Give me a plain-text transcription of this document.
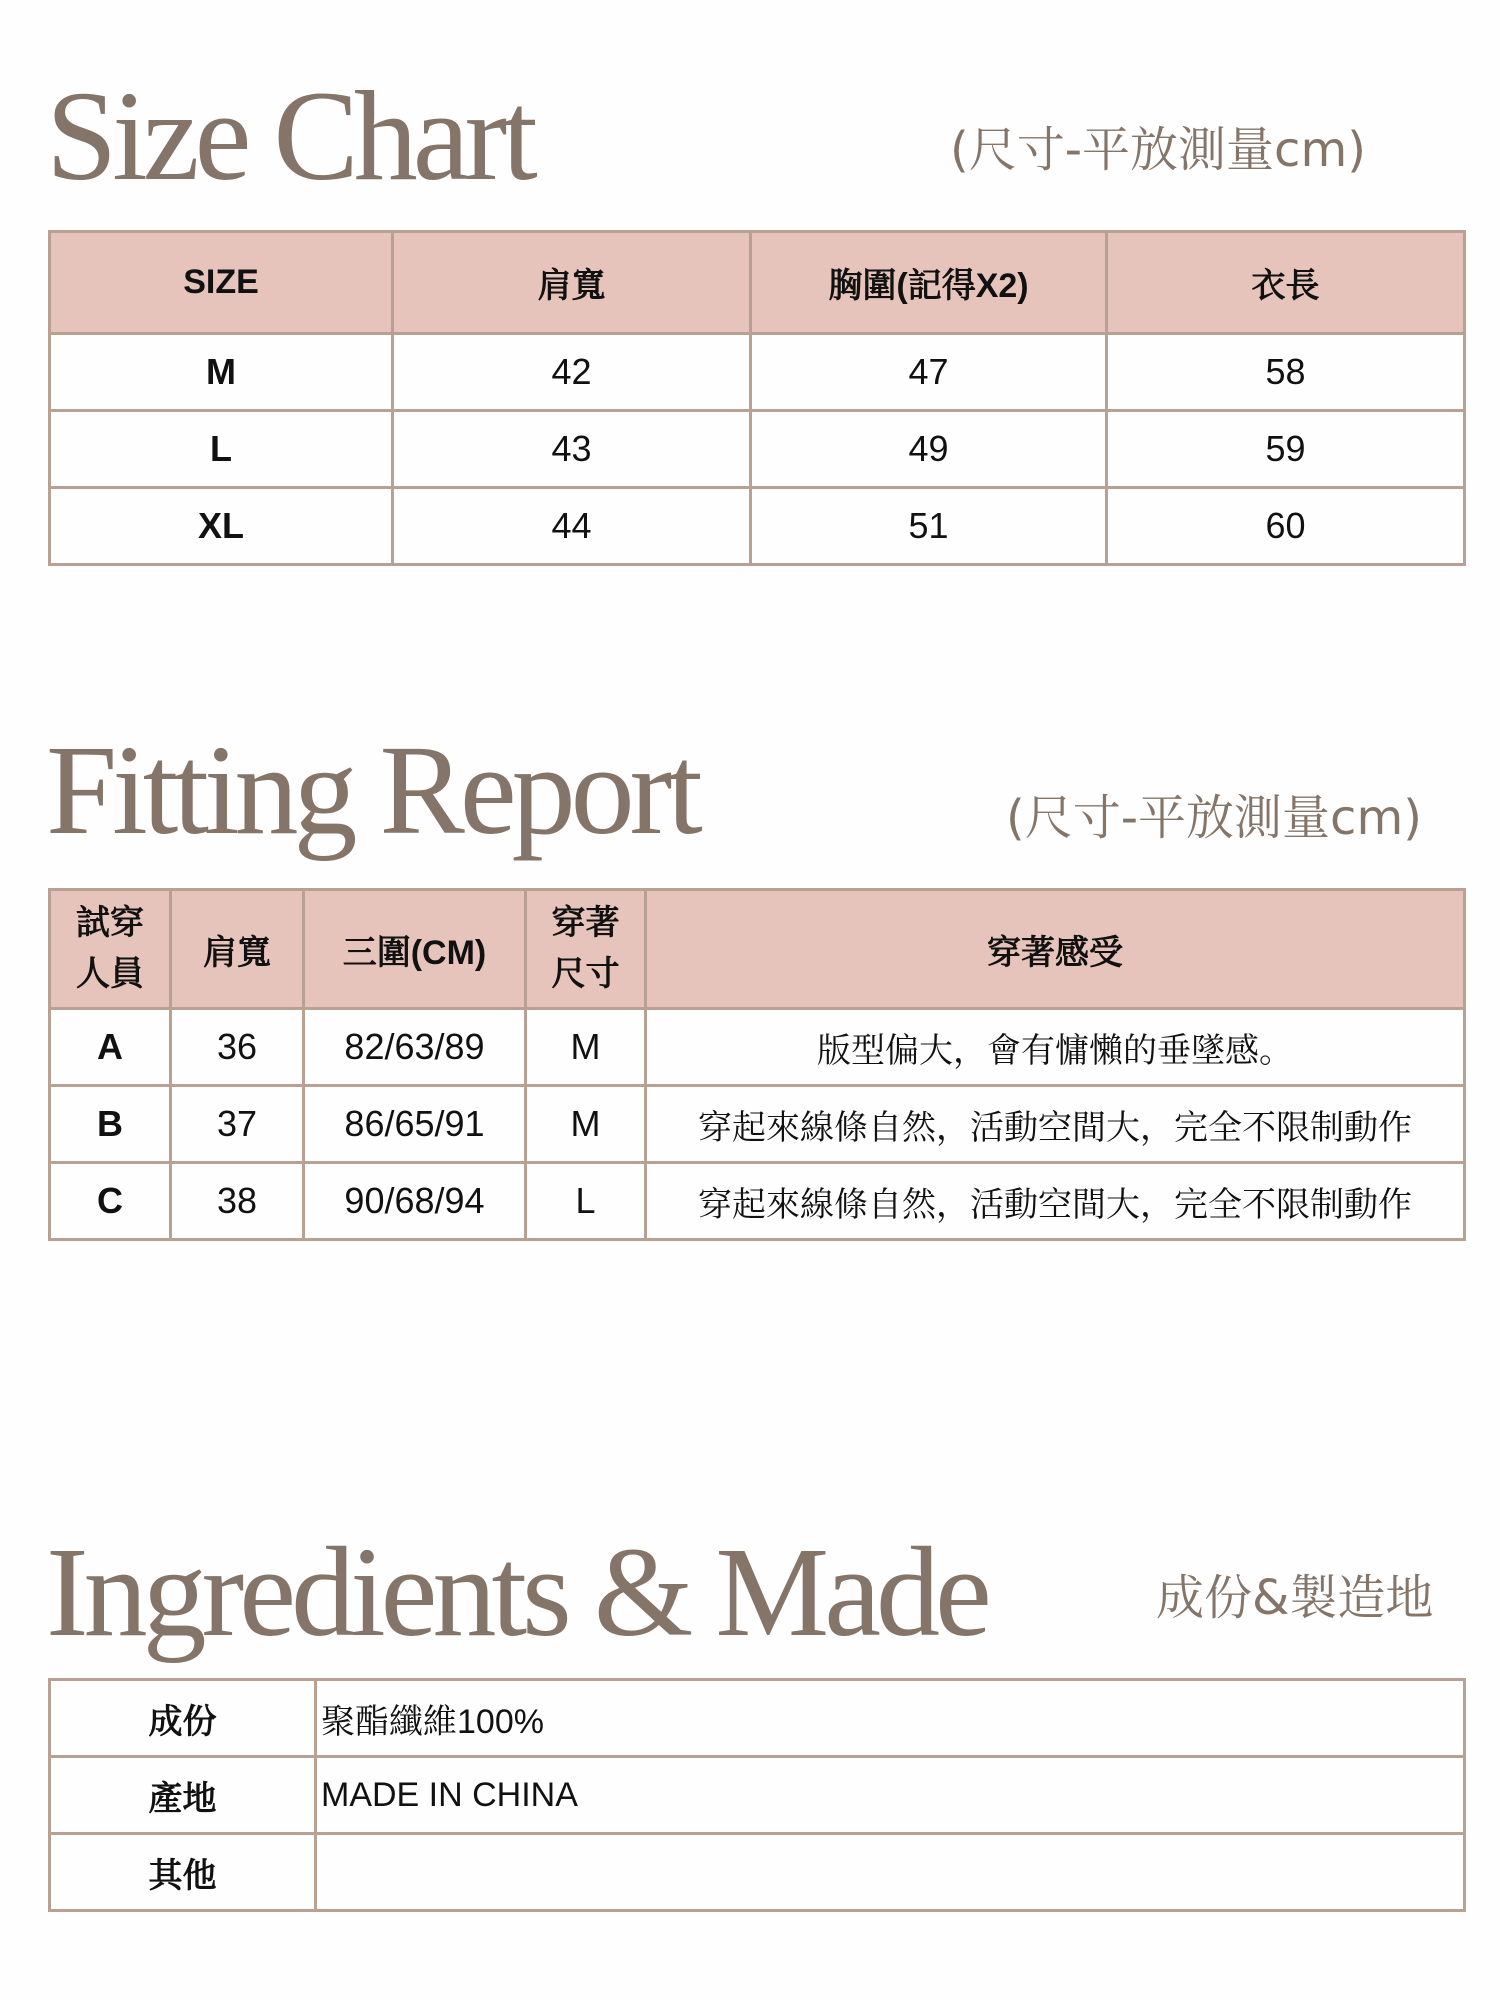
Size Chart	(尺寸-平放測量cm)
SIZE	肩寬	胸圍(記得X2)	衣長
M	42	47	58
L	43	49	59
XL	44	51	60
Fitting Report	(尺寸-平放測量cm)
試穿人員	肩寬	三圍(CM)	穿著尺寸	穿著感受
A	36	82/63/89	M	版型偏大，會有慵懶的垂墜感。
B	37	86/65/91	M	穿起來線條自然，活動空間大，完全不限制動作
C	38	90/68/94	L	穿起來線條自然，活動空間大，完全不限制動作
Ingredients & Made	成份&製造地
成份	聚酯纖維100%
產地	MADE IN CHINA
其他	
